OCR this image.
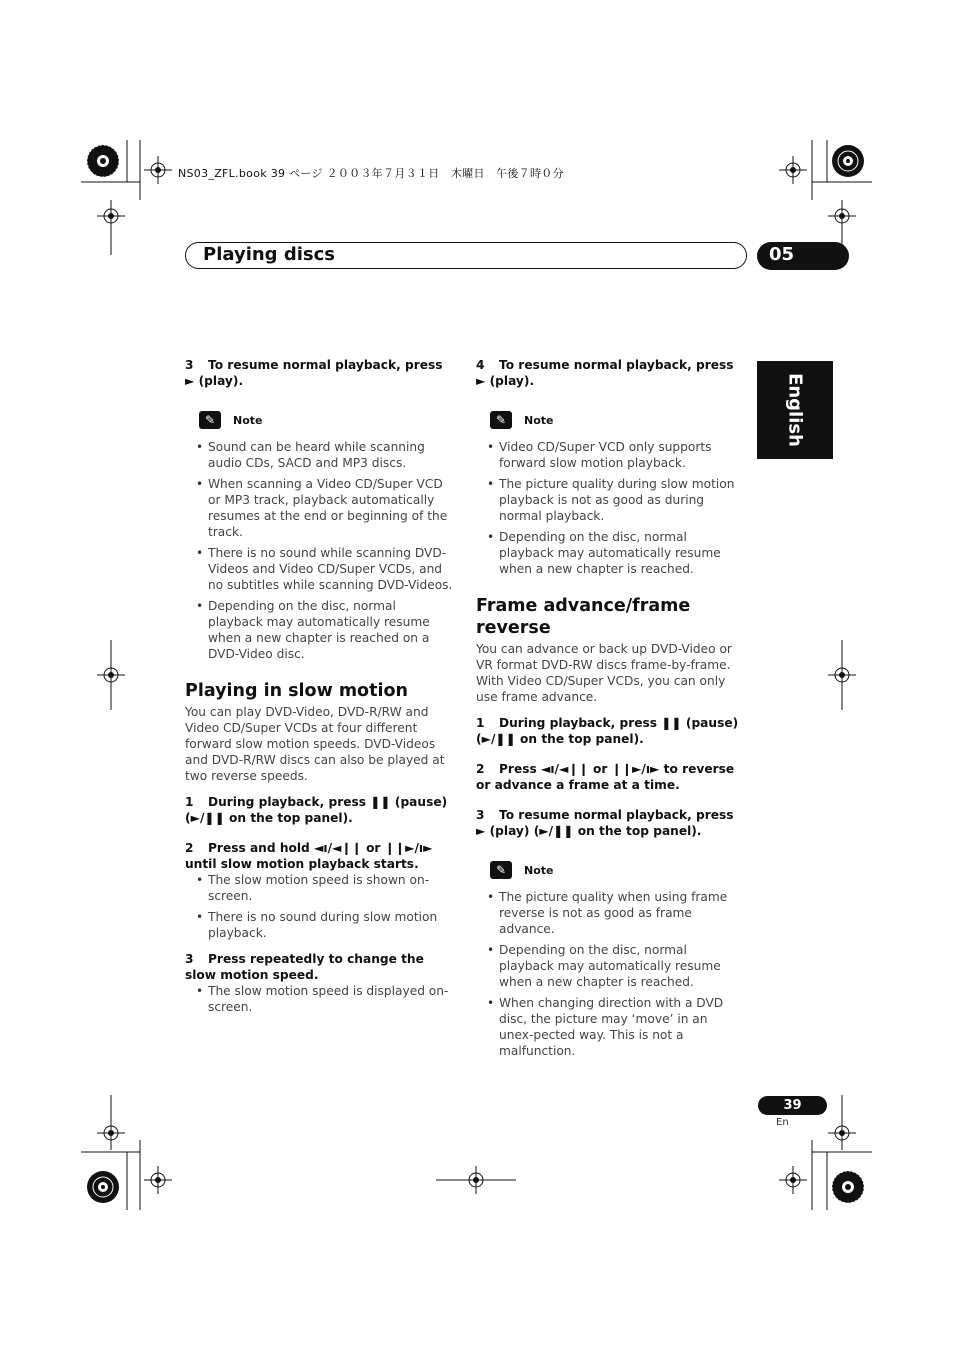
NS03_ZFL.book 39 ページ ２００３年７月３１日　木曜日　午後７時０分
Playing discs	05
English
3 To resume normal playback, press ► (play).
✎	Note
• Sound can be heard while scanning audio CDs, SACD and MP3 discs.
• When scanning a Video CD/Super VCD or MP3 track, playback automatically resumes at the end or beginning of the track.
• There is no sound while scanning DVD-Videos and Video CD/Super VCDs, and no subtitles while scanning DVD-Videos.
• Depending on the disc, normal playback may automatically resume when a new chapter is reached on a DVD-Video disc.
Playing in slow motion

You can play DVD-Video, DVD-R/RW and Video CD/Super VCDs at four different forward slow motion speeds. DVD-Videos and DVD-R/RW discs can also be played at two reverse speeds.

1 During playback, press ❚❚ (pause) (►/❚❚ on the top panel).
2 Press and hold ◄ı/◄❙❙ or ❙❙►/ı► until slow motion playback starts.
• The slow motion speed is shown on-screen.
• There is no sound during slow motion playback.
3 Press repeatedly to change the slow motion speed.
• The slow motion speed is displayed on-screen.
4 To resume normal playback, press ► (play).
✎	Note
• Video CD/Super VCD only supports forward slow motion playback.
• The picture quality during slow motion playback is not as good as during normal playback.
• Depending on the disc, normal playback may automatically resume when a new chapter is reached.
Frame advance/frame reverse

You can advance or back up DVD-Video or VR format DVD-RW discs frame-by-frame. With Video CD/Super VCDs, you can only use frame advance.

1 During playback, press ❚❚ (pause) (►/❚❚ on the top panel).
2 Press ◄ı/◄❙❙ or ❙❙►/ı► to reverse or advance a frame at a time.
3 To resume normal playback, press ► (play) (►/❚❚ on the top panel).
✎	Note
• The picture quality when using frame reverse is not as good as frame advance.
• Depending on the disc, normal playback may automatically resume when a new chapter is reached.
• When changing direction with a DVD disc, the picture may ‘move’ in an unex-pected way. This is not a malfunction.
39
En
